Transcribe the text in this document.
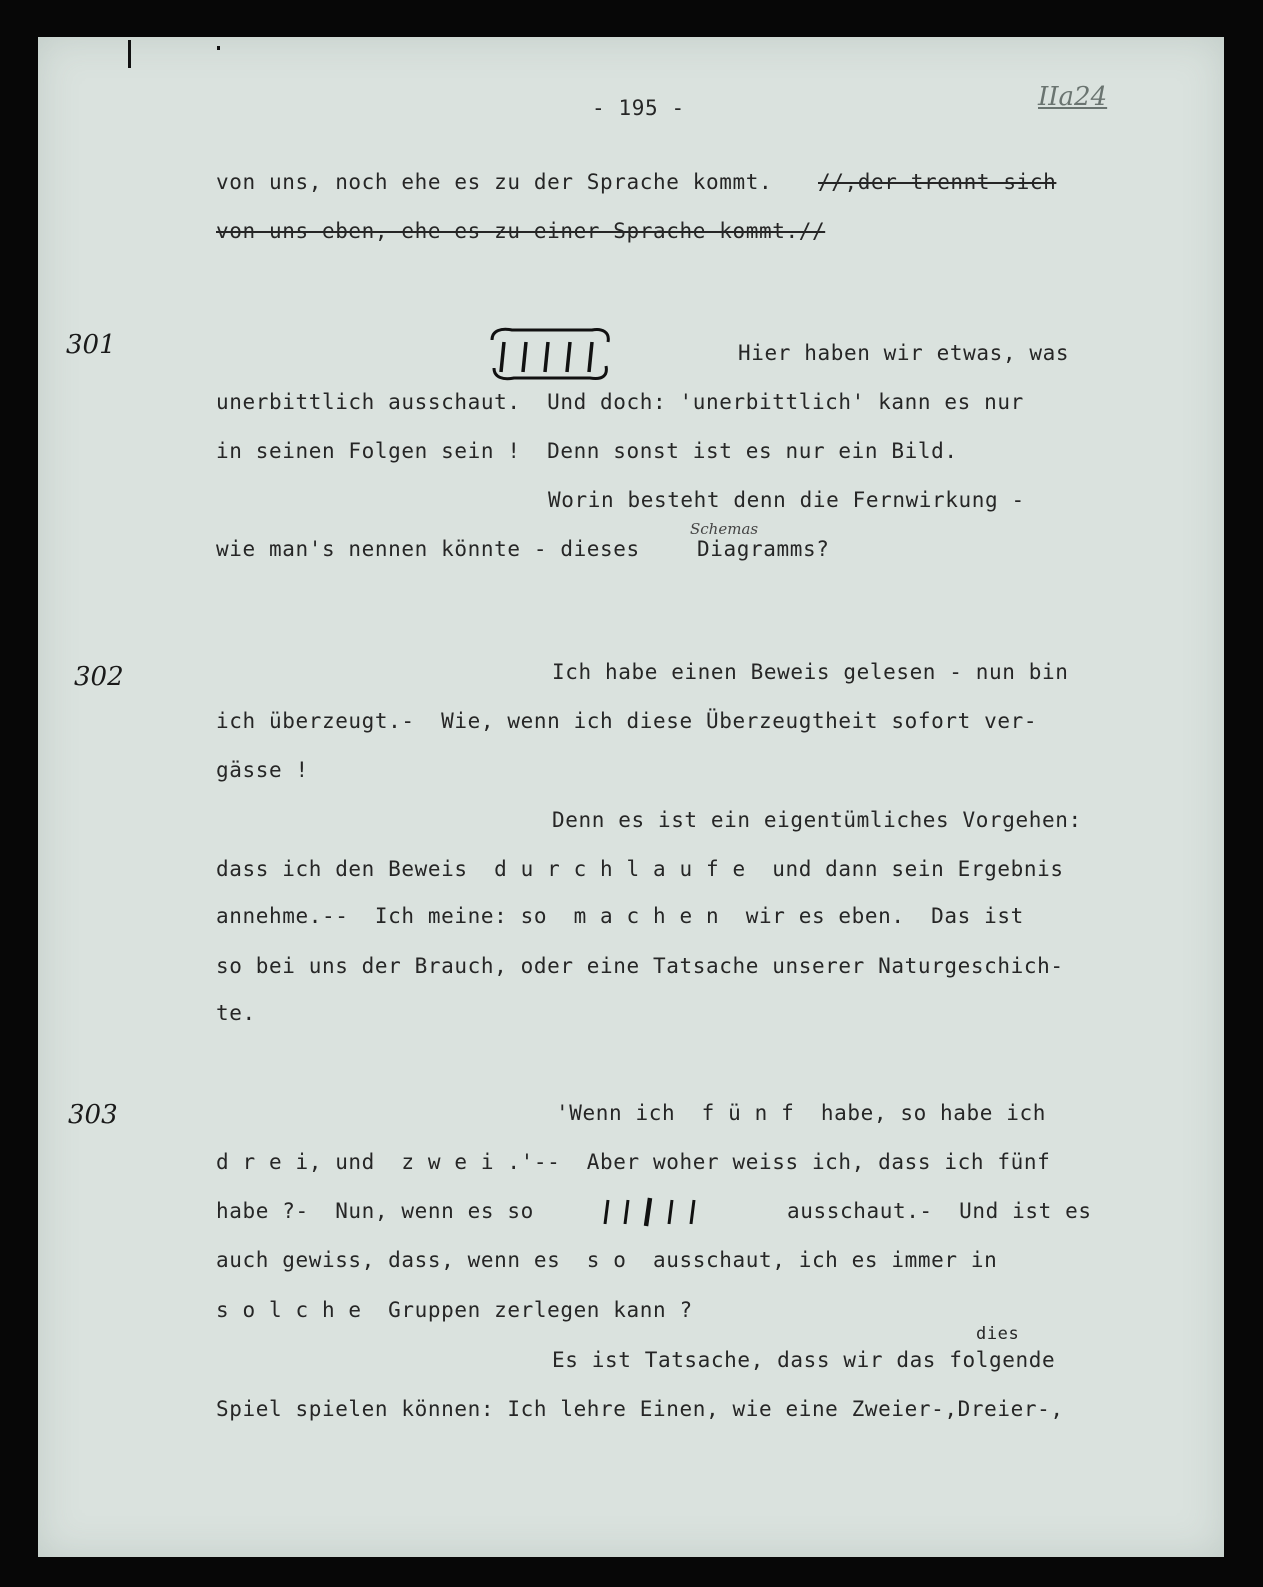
- 195 -	IIa24

von uns, noch ehe es zu der Sprache kommt. //,der trennt sich

von uns eben, ehe es zu einer Sprache kommt.//

301	Hier haben wir etwas, was

unerbittlich ausschaut.  Und doch: 'unerbittlich' kann es nur

in seinen Folgen sein !  Denn sonst ist es nur ein Bild.

Worin besteht denn die Fernwirkung -

Schemas

wie man's nennen könnte - dieses	Diagramms?

302	Ich habe einen Beweis gelesen - nun bin

ich überzeugt.-  Wie, wenn ich diese Überzeugtheit sofort ver-

gässe !

Denn es ist ein eigentümliches Vorgehen:

dass ich den Beweis  d u r c h l a u f e  und dann sein Ergebnis

annehme.--  Ich meine: so  m a c h e n  wir es eben.  Das ist

so bei uns der Brauch, oder eine Tatsache unserer Naturgeschich-

te.

303	'Wenn ich  f ü n f  habe, so habe ich

d r e i, und  z w e i .'--  Aber woher weiss ich, dass ich fünf

habe ?-  Nun, wenn es so	ausschaut.-  Und ist es

auch gewiss, dass, wenn es  s o  ausschaut, ich es immer in

s o l c h e  Gruppen zerlegen kann ?

dies

Es ist Tatsache, dass wir das folgende

Spiel spielen können: Ich lehre Einen, wie eine Zweier-,Dreier-,
